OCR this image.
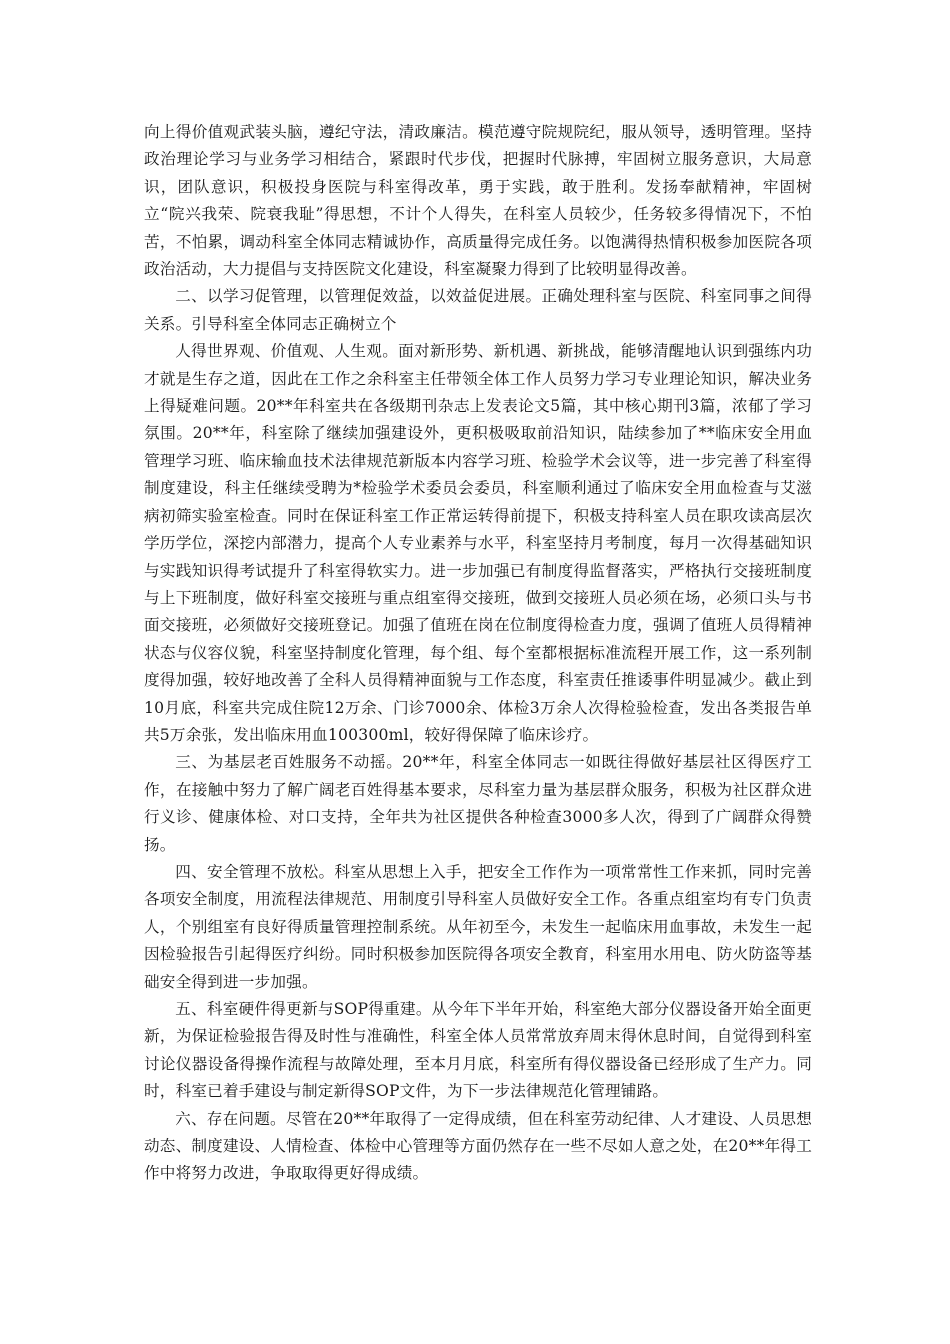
向上得价值观武装头脑，遵纪守法，清政廉洁。模范遵守院规院纪，服从领导，透明管理。坚持政治理论学习与业务学习相结合，紧跟时代步伐，把握时代脉搏，牢固树立服务意识，大局意识，团队意识，积极投身医院与科室得改革，勇于实践，敢于胜利。发扬奉献精神，牢固树立“院兴我荣、院衰我耻”得思想，不计个人得失，在科室人员较少，任务较多得情况下，不怕苦，不怕累，调动科室全体同志精诚协作，高质量得完成任务。以饱满得热情积极参加医院各项政治活动，大力提倡与支持医院文化建设，科室凝聚力得到了比较明显得改善。

二、以学习促管理，以管理促效益，以效益促进展。正确处理科室与医院、科室同事之间得关系。引导科室全体同志正确树立个

人得世界观、价值观、人生观。面对新形势、新机遇、新挑战，能够清醒地认识到强练内功才就是生存之道，因此在工作之余科室主任带领全体工作人员努力学习专业理论知识，解决业务上得疑难问题。20**年科室共在各级期刊杂志上发表论文5篇，其中核心期刊3篇，浓郁了学习氛围。20**年，科室除了继续加强建设外，更积极吸取前沿知识，陆续参加了**临床安全用血管理学习班、临床输血技术法律规范新版本内容学习班、检验学术会议等，进一步完善了科室得制度建设，科主任继续受聘为*检验学术委员会委员，科室顺利通过了临床安全用血检查与艾滋病初筛实验室检查。同时在保证科室工作正常运转得前提下，积极支持科室人员在职攻读高层次学历学位，深挖内部潜力，提高个人专业素养与水平，科室坚持月考制度，每月一次得基础知识与实践知识得考试提升了科室得软实力。进一步加强已有制度得监督落实，严格执行交接班制度与上下班制度，做好科室交接班与重点组室得交接班，做到交接班人员必须在场，必须口头与书面交接班，必须做好交接班登记。加强了值班在岗在位制度得检查力度，强调了值班人员得精神状态与仪容仪貌，科室坚持制度化管理，每个组、每个室都根据标准流程开展工作，这一系列制度得加强，较好地改善了全科人员得精神面貌与工作态度，科室责任推诿事件明显减少。截止到10月底，科室共完成住院12万余、门诊7000余、体检3万余人次得检验检查，发出各类报告单共5万余张，发出临床用血100300ml，较好得保障了临床诊疗。

三、为基层老百姓服务不动摇。20**年，科室全体同志一如既往得做好基层社区得医疗工作，在接触中努力了解广阔老百姓得基本要求，尽科室力量为基层群众服务，积极为社区群众进行义诊、健康体检、对口支持，全年共为社区提供各种检查3000多人次，得到了广阔群众得赞扬。

四、安全管理不放松。科室从思想上入手，把安全工作作为一项常常性工作来抓，同时完善各项安全制度，用流程法律规范、用制度引导科室人员做好安全工作。各重点组室均有专门负责人，个别组室有良好得质量管理控制系统。从年初至今，未发生一起临床用血事故，未发生一起因检验报告引起得医疗纠纷。同时积极参加医院得各项安全教育，科室用水用电、防火防盗等基础安全得到进一步加强。

五、科室硬件得更新与SOP得重建。从今年下半年开始，科室绝大部分仪器设备开始全面更新，为保证检验报告得及时性与准确性，科室全体人员常常放弃周末得休息时间，自觉得到科室讨论仪器设备得操作流程与故障处理，至本月月底，科室所有得仪器设备已经形成了生产力。同时，科室已着手建设与制定新得SOP文件，为下一步法律规范化管理铺路。

六、存在问题。尽管在20**年取得了一定得成绩，但在科室劳动纪律、人才建设、人员思想动态、制度建设、人情检查、体检中心管理等方面仍然存在一些不尽如人意之处，在20**年得工作中将努力改进，争取取得更好得成绩。
